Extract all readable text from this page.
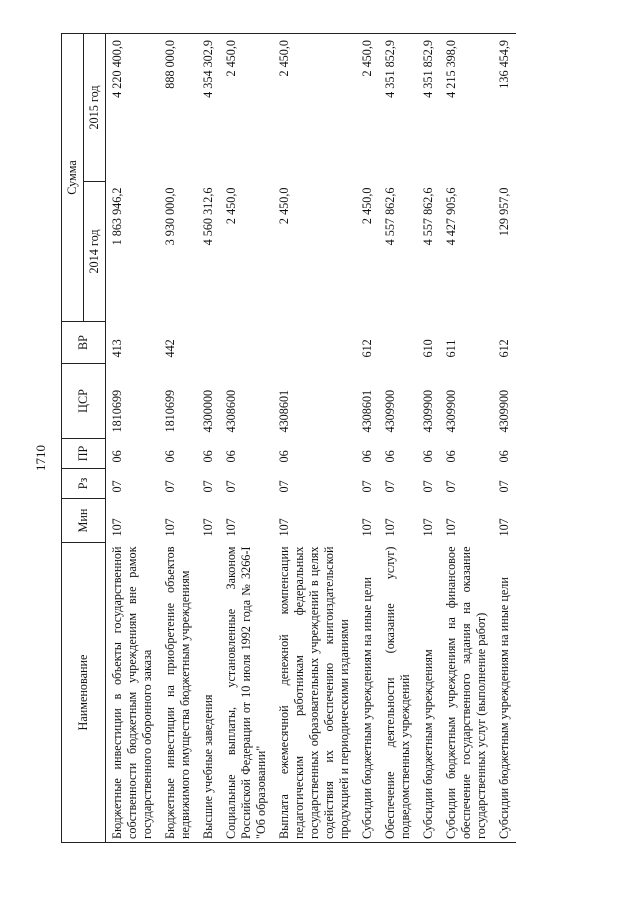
1710
Наименование	Мин	Рз	ПР	ЦСР	ВР	Сумма	
						2014 год	2015 год
Бюджетные инвестиции в объекты государственной собственности бюджетным учреждениям вне рамок государственного оборонного заказа	107	07	06	1810699	413	1 863 946,2	4 220 400,0
Бюджетные инвестиции на приобретение объектов недвижимого имущества бюджетным учреждениям	107	07	06	1810699	442	3 930 000,0	888 000,0
Высшие учебные заведения	107	07	06	4300000		4 560 312,6	4 354 302,9
Социальные выплаты, установленные Законом Российской Федерации от 10 июля 1992 года № 3266-I "Об образовании"	107	07	06	4308600		2 450,0	2 450,0
Выплата ежемесячной денежной компенсации педагогическим работникам федеральных государственных образовательных учреждений в целях содействия их обеспечению книгоиздательской продукцией и периодическими изданиями	107	07	06	4308601		2 450,0	2 450,0
Субсидии бюджетным учреждениям на иные цели	107	07	06	4308601	612	2 450,0	2 450,0
Обеспечение деятельности (оказание услуг) подведомственных учреждений	107	07	06	4309900		4 557 862,6	4 351 852,9
Субсидии бюджетным учреждениям	107	07	06	4309900	610	4 557 862,6	4 351 852,9
Субсидии бюджетным учреждениям на финансовое обеспечение государственного задания на оказание государственных услуг (выполнение работ)	107	07	06	4309900	611	4 427 905,6	4 215 398,0
Субсидии бюджетным учреждениям на иные цели	107	07	06	4309900	612	129 957,0	136 454,9
